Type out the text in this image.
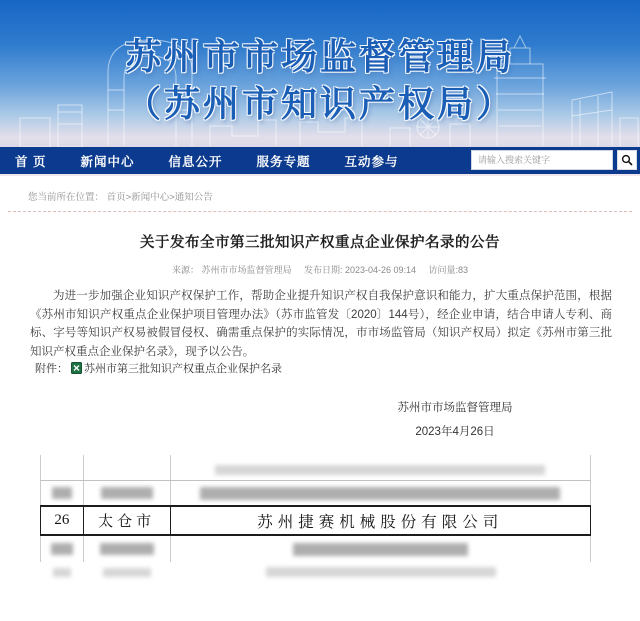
苏州市市场监督管理局
（苏州市知识产权局）
首 页	新闻中心	信息公开	服务专题	互动参与
请输入搜索关键字
您当前所在位置： 首页>新闻中心>通知公告
关于发布全市第三批知识产权重点企业保护名录的公告
来源： 苏州市市场监督管理局 发布日期: 2023-04-26 09:14 访问量:83
为进一步加强企业知识产权保护工作，帮助企业提升知识产权自我保护意识和能力，扩大重点保护范围，根据《苏州市知识产权重点企业保护项目管理办法》（苏市监管发〔2020〕144号），经企业申请，结合申请人专利、商标、字号等知识产权易被假冒侵权、确需重点保护的实际情况，市市场监管局（知识产权局）拟定《苏州市第三批知识产权重点企业保护名录》，现予以公告。
附件： 苏州市第三批知识产权重点企业保护名录
苏州市市场监督管理局
2023年4月26日
26	太仓市	苏州捷赛机械股份有限公司
